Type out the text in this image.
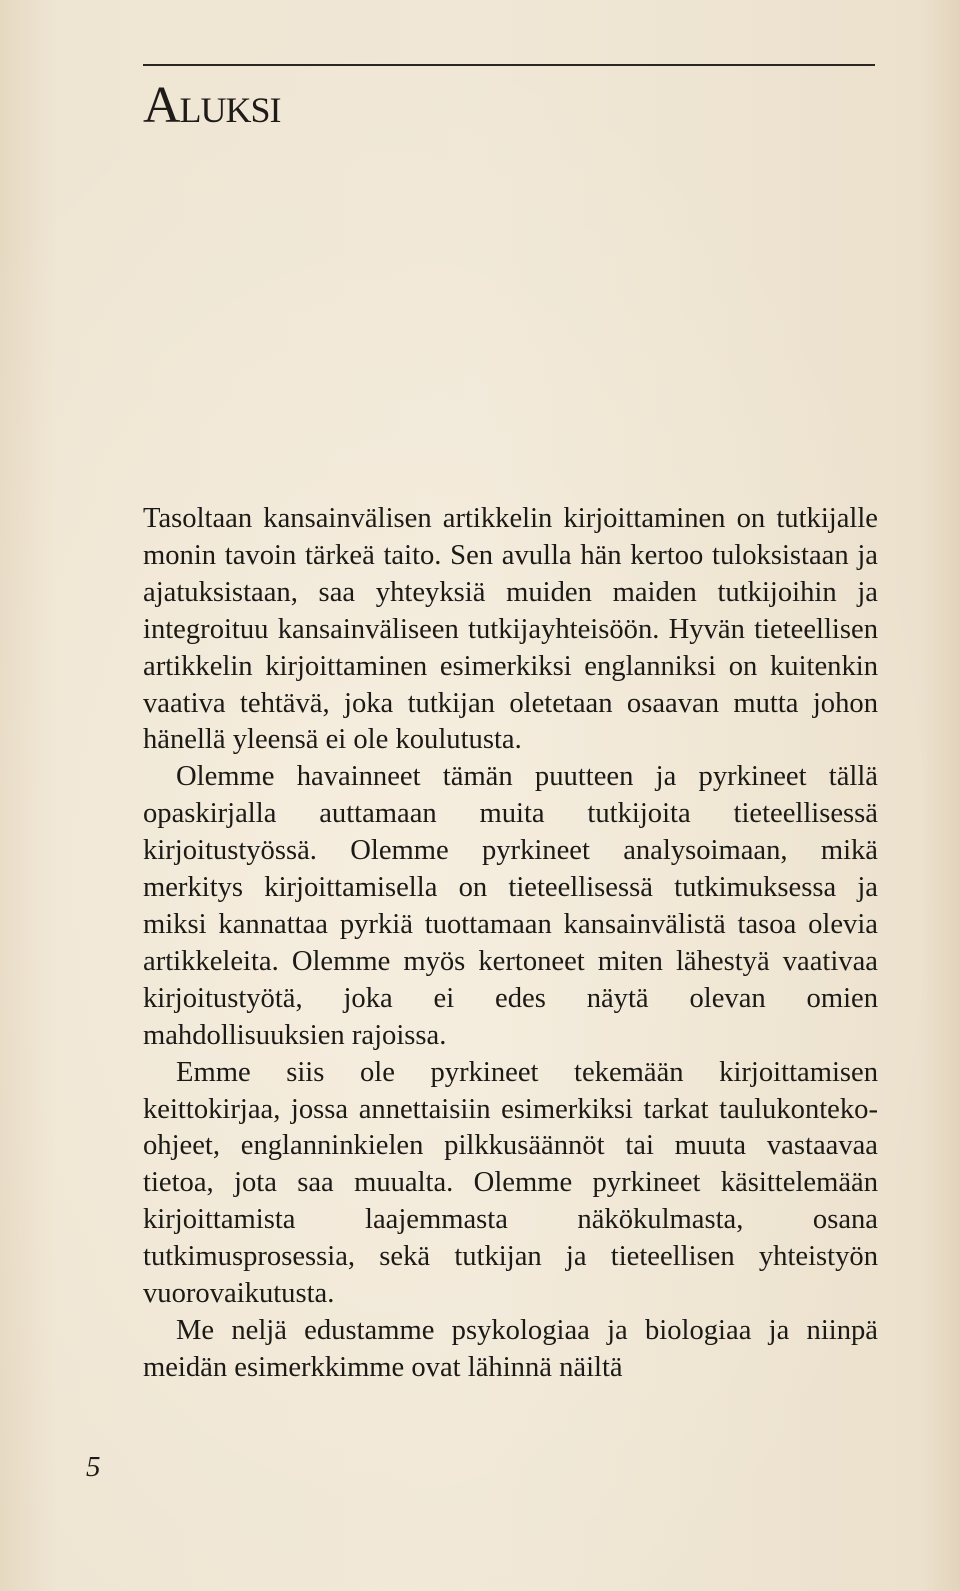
Aluksi

Tasoltaan kansainvälisen artikkelin kirjoittaminen on tutkijalle monin tavoin tärkeä taito. Sen avulla hän kertoo tuloksistaan ja ajatuksistaan, saa yhteyksiä muiden maiden tutkijoihin ja integroituu kansainväliseen tutkijayhteisöön. Hyvän tieteellisen artikkelin kirjoittaminen esimerkiksi englanniksi on kuitenkin vaativa tehtävä, joka tutkijan oletetaan osaavan mutta johon hänellä yleensä ei ole koulutusta.

Olemme havainneet tämän puutteen ja pyrkineet tällä opaskirjalla auttamaan muita tutkijoita tieteellisessä kirjoitustyössä. Olemme pyrkineet analysoimaan, mikä merkitys kirjoittamisella on tieteellisessä tutkimuksessa ja miksi kannattaa pyrkiä tuottamaan kansainvälistä tasoa olevia artikkeleita. Olemme myös kertoneet miten lähestyä vaativaa kirjoitustyötä, joka ei edes näytä olevan omien mahdollisuuksien rajoissa.

Emme siis ole pyrkineet tekemään kirjoittamisen keittokirjaa, jossa annettaisiin esimerkiksi tarkat taulukonteko-ohjeet, englanninkielen pilkkusäännöt tai muuta vastaavaa tietoa, jota saa muualta. Olemme pyrkineet käsittelemään kirjoittamista laajemmasta näkökulmasta, osana tutkimusprosessia, sekä tutkijan ja tieteellisen yhteistyön vuorovaikutusta.

Me neljä edustamme psykologiaa ja biologiaa ja niinpä meidän esimerkkimme ovat lähinnä näiltä

5
